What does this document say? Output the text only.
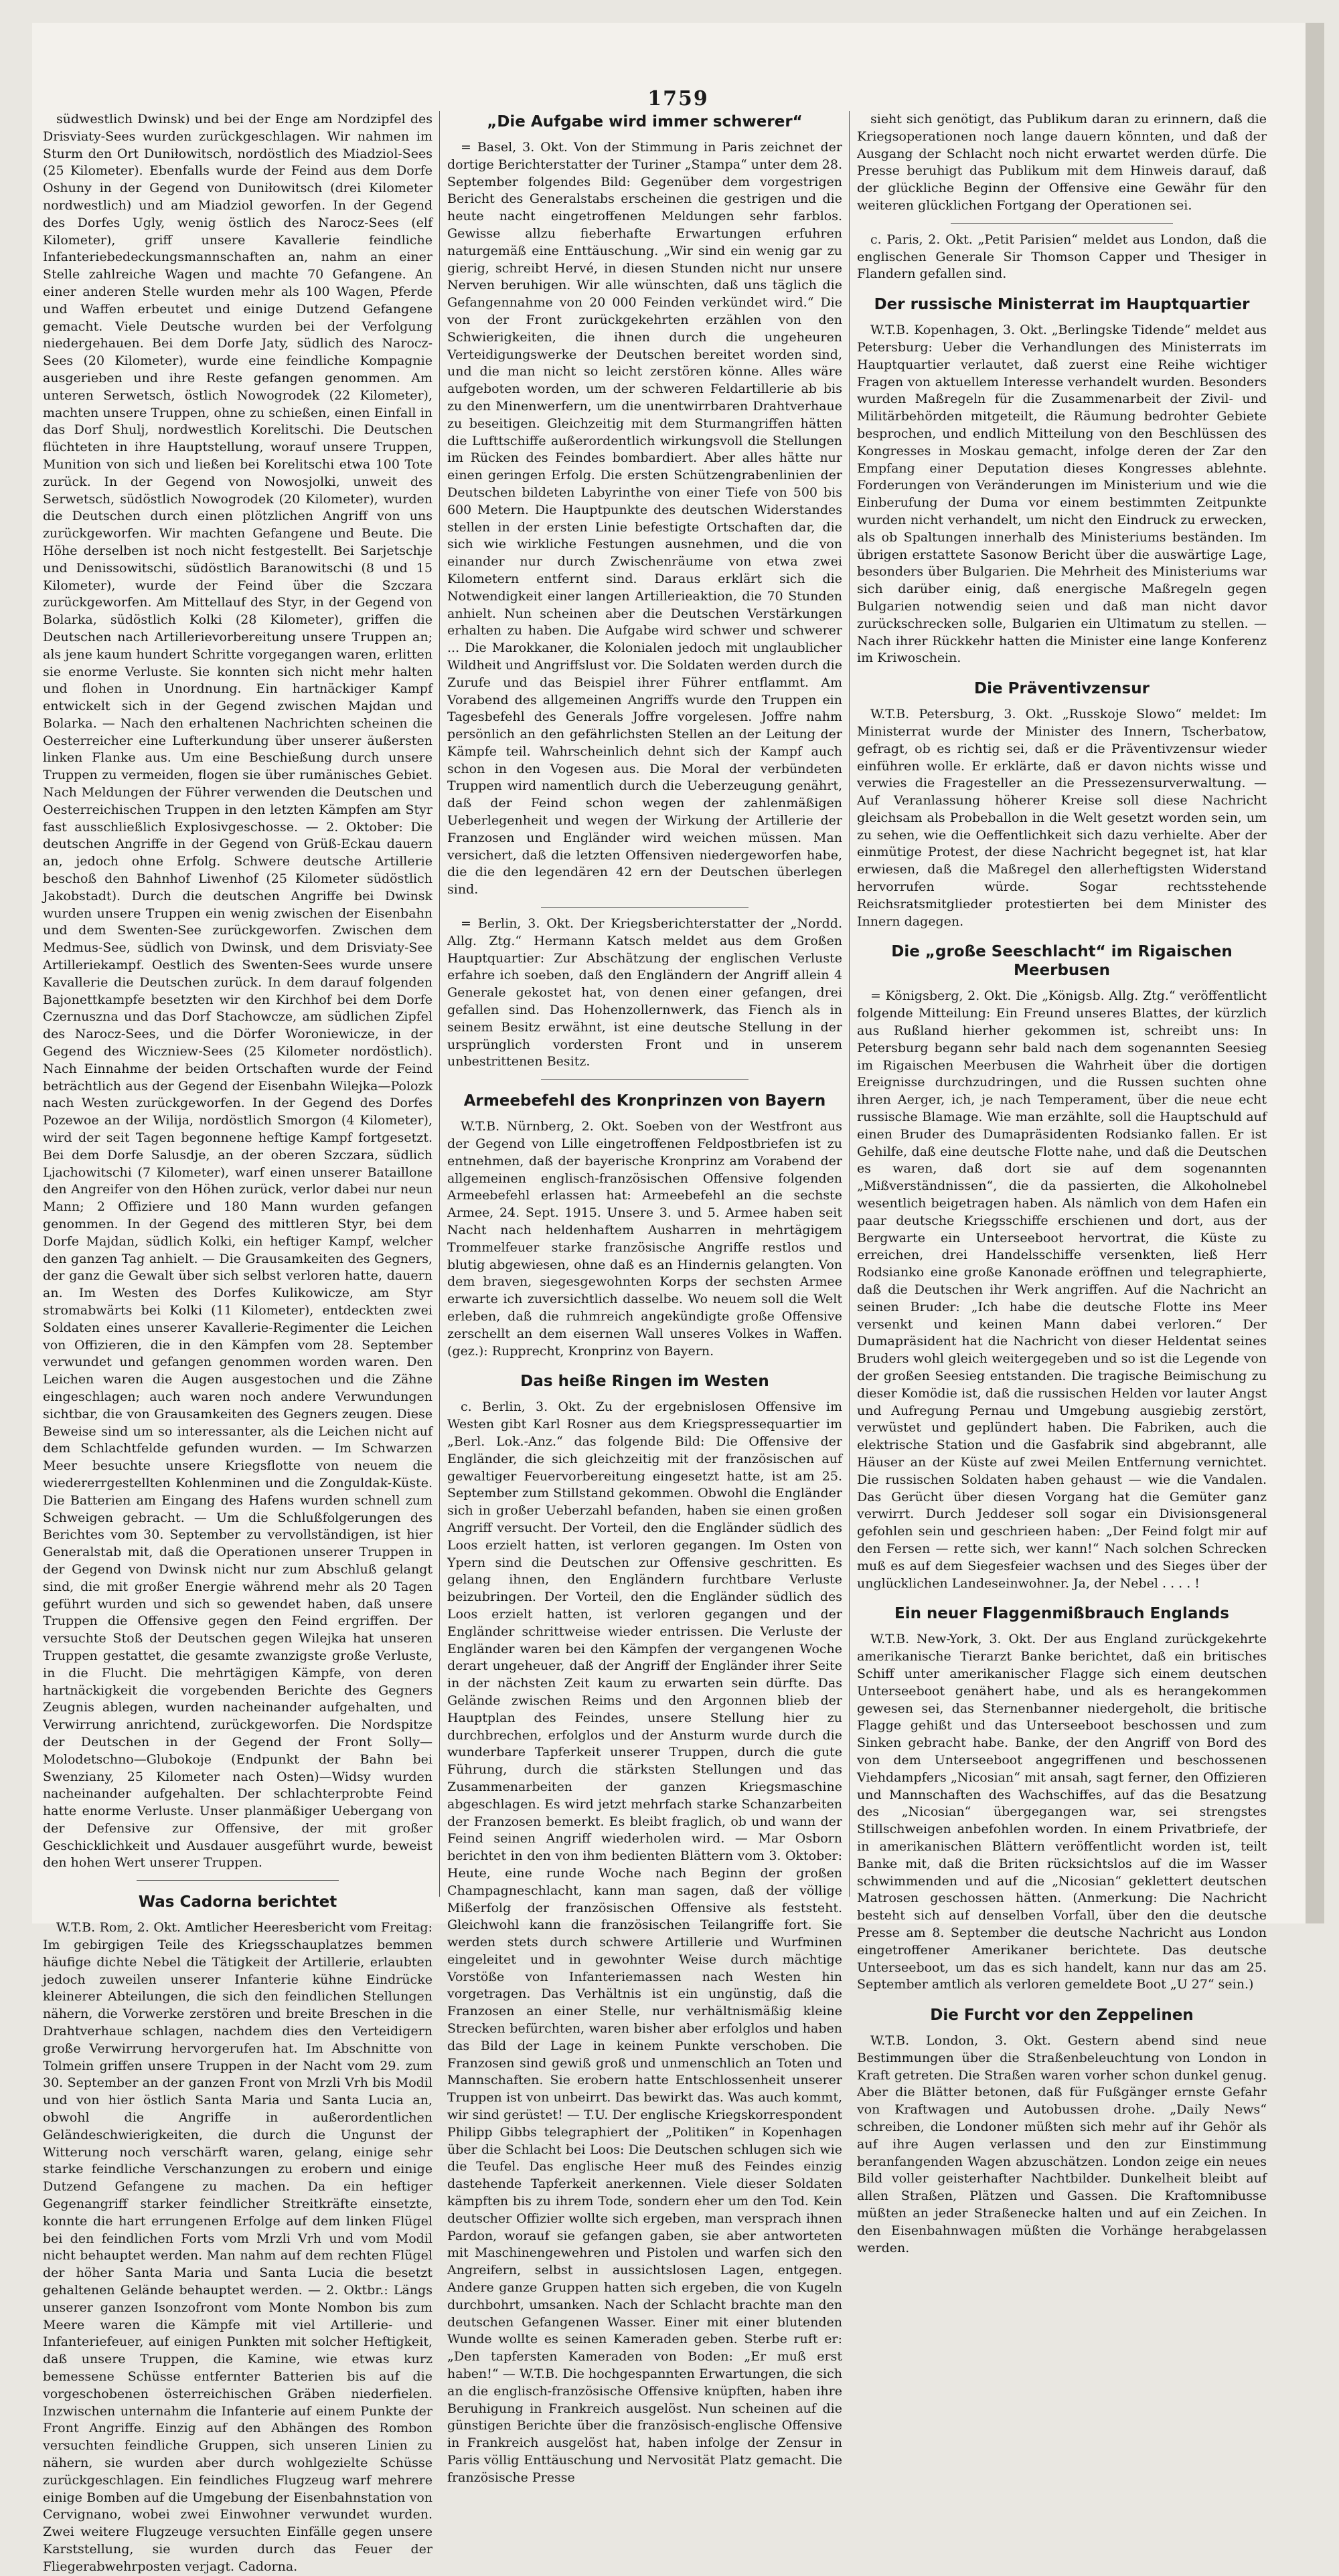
1759

südwestlich Dwinsk) und bei der Enge am Nordzipfel des Drisviaty-Sees wurden zurückgeschlagen. Wir nahmen im Sturm den Ort Duniłowitsch, nordöstlich des Miadziol-Sees (25 Kilometer). Ebenfalls wurde der Feind aus dem Dorfe Oshuny in der Gegend von Duniłowitsch (drei Kilometer nordwestlich) und am Miadziol geworfen. In der Gegend des Dorfes Ugly, wenig östlich des Narocz-Sees (elf Kilometer), griff unsere Kavallerie feindliche Infanteriebedeckungsmannschaften an, nahm an einer Stelle zahlreiche Wagen und machte 70 Gefangene. An einer anderen Stelle wurden mehr als 100 Wagen, Pferde und Waffen erbeutet und einige Dutzend Gefangene gemacht. Viele Deutsche wurden bei der Verfolgung niedergehauen. Bei dem Dorfe Jaty, südlich des Narocz-Sees (20 Kilometer), wurde eine feindliche Kompagnie ausgerieben und ihre Reste gefangen genommen. Am unteren Serwetsch, östlich Nowogrodek (22 Kilometer), machten unsere Truppen, ohne zu schießen, einen Einfall in das Dorf Shulj, nordwestlich Korelitschi. Die Deutschen flüchteten in ihre Hauptstellung, worauf unsere Truppen, Munition von sich und ließen bei Korelitschi etwa 100 Tote zurück. In der Gegend von Nowosjolki, unweit des Serwetsch, südöstlich Nowogrodek (20 Kilometer), wurden die Deutschen durch einen plötzlichen Angriff von uns zurückgeworfen. Wir machten Gefangene und Beute. Die Höhe derselben ist noch nicht festgestellt. Bei Sarjetschje und Denissowitschi, südöstlich Baranowitschi (8 und 15 Kilometer), wurde der Feind über die Szczara zurückgeworfen. Am Mittellauf des Styr, in der Gegend von Bolarka, südöstlich Kolki (28 Kilometer), griffen die Deutschen nach Artillerievorbereitung unsere Truppen an; als jene kaum hundert Schritte vorgegangen waren, erlitten sie enorme Verluste. Sie konnten sich nicht mehr halten und flohen in Unordnung. Ein hartnäckiger Kampf entwickelt sich in der Gegend zwischen Majdan und Bolarka. — Nach den erhaltenen Nachrichten scheinen die Oesterreicher eine Lufterkundung über unserer äußersten linken Flanke aus. Um eine Beschießung durch unsere Truppen zu vermeiden, flogen sie über rumänisches Gebiet. Nach Meldungen der Führer verwenden die Deutschen und Oesterreichischen Truppen in den letzten Kämpfen am Styr fast ausschließlich Explosivgeschosse. — 2. Oktober: Die deutschen Angriffe in der Gegend von Grüß-Eckau dauern an, jedoch ohne Erfolg. Schwere deutsche Artillerie beschoß den Bahnhof Liwenhof (25 Kilometer südöstlich Jakobstadt). Durch die deutschen Angriffe bei Dwinsk wurden unsere Truppen ein wenig zwischen der Eisenbahn und dem Swenten-See zurückgeworfen. Zwischen dem Medmus-See, südlich von Dwinsk, und dem Drisviaty-See Artilleriekampf. Oestlich des Swenten-Sees wurde unsere Kavallerie die Deutschen zurück. In dem darauf folgenden Bajonettkampfe besetzten wir den Kirchhof bei dem Dorfe Czernuszna und das Dorf Stachowcze, am südlichen Zipfel des Narocz-Sees, und die Dörfer Woroniewicze, in der Gegend des Wiczniew-Sees (25 Kilometer nordöstlich). Nach Einnahme der beiden Ortschaften wurde der Feind beträchtlich aus der Gegend der Eisenbahn Wilejka—Polozk nach Westen zurückgeworfen. In der Gegend des Dorfes Pozewoe an der Wilija, nordöstlich Smorgon (4 Kilometer), wird der seit Tagen begonnene heftige Kampf fortgesetzt. Bei dem Dorfe Salusdje, an der oberen Szczara, südlich Ljachowitschi (7 Kilometer), warf einen unserer Bataillone den Angreifer von den Höhen zurück, verlor dabei nur neun Mann; 2 Offiziere und 180 Mann wurden gefangen genommen. In der Gegend des mittleren Styr, bei dem Dorfe Majdan, südlich Kolki, ein heftiger Kampf, welcher den ganzen Tag anhielt. — Die Grausamkeiten des Gegners, der ganz die Gewalt über sich selbst verloren hatte, dauern an. Im Westen des Dorfes Kulikowicze, am Styr stromabwärts bei Kolki (11 Kilometer), entdeckten zwei Soldaten eines unserer Kavallerie-Regimenter die Leichen von Offizieren, die in den Kämpfen vom 28. September verwundet und gefangen genommen worden waren. Den Leichen waren die Augen ausgestochen und die Zähne eingeschlagen; auch waren noch andere Verwundungen sichtbar, die von Grausamkeiten des Gegners zeugen. Diese Beweise sind um so interessanter, als die Leichen nicht auf dem Schlachtfelde gefunden wurden. — Im Schwarzen Meer besuchte unsere Kriegsflotte von neuem die wiedererrgestellten Kohlenminen und die Zonguldak-Küste. Die Batterien am Eingang des Hafens wurden schnell zum Schweigen gebracht. — Um die Schlußfolgerungen des Berichtes vom 30. September zu vervollständigen, ist hier Generalstab mit, daß die Operationen unserer Truppen in der Gegend von Dwinsk nicht nur zum Abschluß gelangt sind, die mit großer Energie während mehr als 20 Tagen geführt wurden und sich so gewendet haben, daß unsere Truppen die Offensive gegen den Feind ergriffen. Der versuchte Stoß der Deutschen gegen Wilejka hat unseren Truppen gestattet, die gesamte zwanzigste große Verluste, in die Flucht. Die mehrtägigen Kämpfe, von deren hartnäckigkeit die vorgebenden Berichte des Gegners Zeugnis ablegen, wurden nacheinander aufgehalten, und Verwirrung anrichtend, zurückgeworfen. Die Nordspitze der Deutschen in der Gegend der Front Solly—Molodetschno—Glubokoje (Endpunkt der Bahn bei Swenziany, 25 Kilometer nach Osten)—Widsy wurden nacheinander aufgehalten. Der schlachterprobte Feind hatte enorme Verluste. Unser planmäßiger Uebergang von der Defensive zur Offensive, der mit großer Geschicklichkeit und Ausdauer ausgeführt wurde, beweist den hohen Wert unserer Truppen.

Was Cadorna berichtet

W.T.B. Rom, 2. Okt. Amtlicher Heeresbericht vom Freitag: Im gebirgigen Teile des Kriegsschauplatzes bemmen häufige dichte Nebel die Tätigkeit der Artillerie, erlaubten jedoch zuweilen unserer Infanterie kühne Eindrücke kleinerer Abteilungen, die sich den feindlichen Stellungen nähern, die Vorwerke zerstören und breite Breschen in die Drahtverhaue schlagen, nachdem dies den Verteidigern große Verwirrung hervorgerufen hat. Im Abschnitte von Tolmein griffen unsere Truppen in der Nacht vom 29. zum 30. September an der ganzen Front von Mrzli Vrh bis Modil und von hier östlich Santa Maria und Santa Lucia an, obwohl die Angriffe in außerordentlichen Geländeschwierigkeiten, die durch die Ungunst der Witterung noch verschärft waren, gelang, einige sehr starke feindliche Verschanzungen zu erobern und einige Dutzend Gefangene zu machen. Da ein heftiger Gegenangriff starker feindlicher Streitkräfte einsetzte, konnte die hart errungenen Erfolge auf dem linken Flügel bei den feindlichen Forts vom Mrzli Vrh und vom Modil nicht behauptet werden. Man nahm auf dem rechten Flügel der höher Santa Maria und Santa Lucia die besetzt gehaltenen Gelände behauptet werden. — 2. Oktbr.: Längs unserer ganzen Isonzofront vom Monte Nombon bis zum Meere waren die Kämpfe mit viel Artillerie- und Infanteriefeuer, auf einigen Punkten mit solcher Heftigkeit, daß unsere Truppen, die Kamine, wie etwas kurz bemessene Schüsse entfernter Batterien bis auf die vorgeschobenen österreichischen Gräben niederfielen. Inzwischen unternahm die Infanterie auf einem Punkte der Front Angriffe. Einzig auf den Abhängen des Rombon versuchten feindliche Gruppen, sich unseren Linien zu nähern, sie wurden aber durch wohlgezielte Schüsse zurückgeschlagen. Ein feindliches Flugzeug warf mehrere einige Bomben auf die Umgebung der Eisenbahnstation von Cervignano, wobei zwei Einwohner verwundet wurden. Zwei weitere Flugzeuge versuchten Einfälle gegen unsere Karststellung, sie wurden durch das Feuer der Fliegerabwehrposten verjagt. Cadorna.

„Die Aufgabe wird immer schwerer“

= Basel, 3. Okt. Von der Stimmung in Paris zeichnet der dortige Berichterstatter der Turiner „Stampa“ unter dem 28. September folgendes Bild: Gegenüber dem vorgestrigen Bericht des Generalstabs erscheinen die gestrigen und die heute nacht eingetroffenen Meldungen sehr farblos. Gewisse allzu fieberhafte Erwartungen erfuhren naturgemäß eine Enttäuschung. „Wir sind ein wenig gar zu gierig, schreibt Hervé, in diesen Stunden nicht nur unsere Nerven beruhigen. Wir alle wünschten, daß uns täglich die Gefangennahme von 20 000 Feinden verkündet wird.“ Die von der Front zurückgekehrten erzählen von den Schwierigkeiten, die ihnen durch die ungeheuren Verteidigungswerke der Deutschen bereitet worden sind, und die man nicht so leicht zerstören könne. Alles wäre aufgeboten worden, um der schweren Feldartillerie ab bis zu den Minenwerfern, um die unentwirrbaren Drahtverhaue zu beseitigen. Gleichzeitig mit dem Sturmangriffen hätten die Lufttschiffe außerordentlich wirkungsvoll die Stellungen im Rücken des Feindes bombardiert. Aber alles hätte nur einen geringen Erfolg. Die ersten Schützengrabenlinien der Deutschen bildeten Labyrinthe von einer Tiefe von 500 bis 600 Metern. Die Hauptpunkte des deutschen Widerstandes stellen in der ersten Linie befestigte Ortschaften dar, die sich wie wirkliche Festungen ausnehmen, und die von einander nur durch Zwischenräume von etwa zwei Kilometern entfernt sind. Daraus erklärt sich die Notwendigkeit einer langen Artillerieaktion, die 70 Stunden anhielt. Nun scheinen aber die Deutschen Verstärkungen erhalten zu haben. Die Aufgabe wird schwer und schwerer ... Die Marokkaner, die Kolonialen jedoch mit unglaublicher Wildheit und Angriffslust vor. Die Soldaten werden durch die Zurufe und das Beispiel ihrer Führer entflammt. Am Vorabend des allgemeinen Angriffs wurde den Truppen ein Tagesbefehl des Generals Joffre vorgelesen. Joffre nahm persönlich an den gefährlichsten Stellen an der Leitung der Kämpfe teil. Wahrscheinlich dehnt sich der Kampf auch schon in den Vogesen aus. Die Moral der verbündeten Truppen wird namentlich durch die Ueberzeugung genährt, daß der Feind schon wegen der zahlenmäßigen Ueberlegenheit und wegen der Wirkung der Artillerie der Franzosen und Engländer wird weichen müssen. Man versichert, daß die letzten Offensiven niedergeworfen habe, die die den legendären 42 ern der Deutschen überlegen sind.

= Berlin, 3. Okt. Der Kriegsberichterstatter der „Nordd. Allg. Ztg.“ Hermann Katsch meldet aus dem Großen Hauptquartier: Zur Abschätzung der englischen Verluste erfahre ich soeben, daß den Engländern der Angriff allein 4 Generale gekostet hat, von denen einer gefangen, drei gefallen sind. Das Hohenzollernwerk, das Fiench als in seinem Besitz erwähnt, ist eine deutsche Stellung in der ursprünglich vordersten Front und in unserem unbestrittenen Besitz.

Armeebefehl des Kronprinzen von Bayern

W.T.B. Nürnberg, 2. Okt. Soeben von der Westfront aus der Gegend von Lille eingetroffenen Feldpostbriefen ist zu entnehmen, daß der bayerische Kronprinz am Vorabend der allgemeinen englisch-französischen Offensive folgenden Armeebefehl erlassen hat: Armeebefehl an die sechste Armee, 24. Sept. 1915. Unsere 3. und 5. Armee haben seit Nacht nach heldenhaftem Ausharren in mehrtägigem Trommelfeuer starke französische Angriffe restlos und blutig abgewiesen, ohne daß es an Hindernis gelangten. Von dem braven, siegesgewohnten Korps der sechsten Armee erwarte ich zuversichtlich dasselbe. Wo neuem soll die Welt erleben, daß die ruhmreich angekündigte große Offensive zerschellt an dem eisernen Wall unseres Volkes in Waffen. (gez.): Rupprecht, Kronprinz von Bayern.

Das heiße Ringen im Westen

c. Berlin, 3. Okt. Zu der ergebnislosen Offensive im Westen gibt Karl Rosner aus dem Kriegspressequartier im „Berl. Lok.-Anz.“ das folgende Bild: Die Offensive der Engländer, die sich gleichzeitig mit der französischen auf gewaltiger Feuervorbereitung eingesetzt hatte, ist am 25. September zum Stillstand gekommen. Obwohl die Engländer sich in großer Ueberzahl befanden, haben sie einen großen Angriff versucht. Der Vorteil, den die Engländer südlich des Loos erzielt hatten, ist verloren gegangen. Im Osten von Ypern sind die Deutschen zur Offensive geschritten. Es gelang ihnen, den Engländern furchtbare Verluste beizubringen. Der Vorteil, den die Engländer südlich des Loos erzielt hatten, ist verloren gegangen und der Engländer schrittweise wieder entrissen. Die Verluste der Engländer waren bei den Kämpfen der vergangenen Woche derart ungeheuer, daß der Angriff der Engländer ihrer Seite in der nächsten Zeit kaum zu erwarten sein dürfte. Das Gelände zwischen Reims und den Argonnen blieb der Hauptplan des Feindes, unsere Stellung hier zu durchbrechen, erfolglos und der Ansturm wurde durch die wunderbare Tapferkeit unserer Truppen, durch die gute Führung, durch die stärksten Stellungen und das Zusammenarbeiten der ganzen Kriegsmaschine abgeschlagen. Es wird jetzt mehrfach starke Schanzarbeiten der Franzosen bemerkt. Es bleibt fraglich, ob und wann der Feind seinen Angriff wiederholen wird. — Mar Osborn berichtet in den von ihm bedienten Blättern vom 3. Oktober: Heute, eine runde Woche nach Beginn der großen Champagneschlacht, kann man sagen, daß der völlige Mißerfolg der französischen Offensive als feststeht. Gleichwohl kann die französischen Teilangriffe fort. Sie werden stets durch schwere Artillerie und Wurfminen eingeleitet und in gewohnter Weise durch mächtige Vorstöße von Infanteriemassen nach Westen hin vorgetragen. Das Verhältnis ist ein ungünstig, daß die Franzosen an einer Stelle, nur verhältnismäßig kleine Strecken befürchten, waren bisher aber erfolglos und haben das Bild der Lage in keinem Punkte verschoben. Die Franzosen sind gewiß groß und unmenschlich an Toten und Mannschaften. Sie erobern hatte Entschlossenheit unserer Truppen ist von unbeirrt. Das bewirkt das. Was auch kommt, wir sind gerüstet! — T.U. Der englische Kriegskorrespondent Philipp Gibbs telegraphiert der „Politiken“ in Kopenhagen über die Schlacht bei Loos: Die Deutschen schlugen sich wie die Teufel. Das englische Heer muß des Feindes einzig dastehende Tapferkeit anerkennen. Viele dieser Soldaten kämpften bis zu ihrem Tode, sondern eher um den Tod. Kein deutscher Offizier wollte sich ergeben, man versprach ihnen Pardon, worauf sie gefangen gaben, sie aber antworteten mit Maschinengewehren und Pistolen und warfen sich den Angreifern, selbst in aussichtslosen Lagen, entgegen. Andere ganze Gruppen hatten sich ergeben, die von Kugeln durchbohrt, umsanken. Nach der Schlacht brachte man den deutschen Gefangenen Wasser. Einer mit einer blutenden Wunde wollte es seinen Kameraden geben. Sterbe ruft er: „Den tapfersten Kameraden von Boden: „Er muß erst haben!“ — W.T.B. Die hochgespannten Erwartungen, die sich an die englisch-französische Offensive knüpften, haben ihre Beruhigung in Frankreich ausgelöst. Nun scheinen auf die günstigen Berichte über die französisch-englische Offensive in Frankreich ausgelöst hat, haben infolge der Zensur in Paris völlig Enttäuschung und Nervosität Platz gemacht. Die französische Presse

sieht sich genötigt, das Publikum daran zu erinnern, daß die Kriegsoperationen noch lange dauern könnten, und daß der Ausgang der Schlacht noch nicht erwartet werden dürfe. Die Presse beruhigt das Publikum mit dem Hinweis darauf, daß der glückliche Beginn der Offensive eine Gewähr für den weiteren glücklichen Fortgang der Operationen sei.

c. Paris, 2. Okt. „Petit Parisien“ meldet aus London, daß die englischen Generale Sir Thomson Capper und Thesiger in Flandern gefallen sind.

Der russische Ministerrat im Hauptquartier

W.T.B. Kopenhagen, 3. Okt. „Berlingske Tidende“ meldet aus Petersburg: Ueber die Verhandlungen des Ministerrats im Hauptquartier verlautet, daß zuerst eine Reihe wichtiger Fragen von aktuellem Interesse verhandelt wurden. Besonders wurden Maßregeln für die Zusammenarbeit der Zivil- und Militärbehörden mitgeteilt, die Räumung bedrohter Gebiete besprochen, und endlich Mitteilung von den Beschlüssen des Kongresses in Moskau gemacht, infolge deren der Zar den Empfang einer Deputation dieses Kongresses ablehnte. Forderungen von Veränderungen im Ministerium und wie die Einberufung der Duma vor einem bestimmten Zeitpunkte wurden nicht verhandelt, um nicht den Eindruck zu erwecken, als ob Spaltungen innerhalb des Ministeriums beständen. Im übrigen erstattete Sasonow Bericht über die auswärtige Lage, besonders über Bulgarien. Die Mehrheit des Ministeriums war sich darüber einig, daß energische Maßregeln gegen Bulgarien notwendig seien und daß man nicht davor zurückschrecken solle, Bulgarien ein Ultimatum zu stellen. — Nach ihrer Rückkehr hatten die Minister eine lange Konferenz im Kriwoschein.

Die Präventivzensur

W.T.B. Petersburg, 3. Okt. „Russkoje Slowo“ meldet: Im Ministerrat wurde der Minister des Innern, Tscherbatow, gefragt, ob es richtig sei, daß er die Präventivzensur wieder einführen wolle. Er erklärte, daß er davon nichts wisse und verwies die Fragesteller an die Pressezensurverwaltung. — Auf Veranlassung höherer Kreise soll diese Nachricht gleichsam als Probeballon in die Welt gesetzt worden sein, um zu sehen, wie die Oeffentlichkeit sich dazu verhielte. Aber der einmütige Protest, der diese Nachricht begegnet ist, hat klar erwiesen, daß die Maßregel den allerheftigsten Widerstand hervorrufen würde. Sogar rechtsstehende Reichsratsmitglieder protestierten bei dem Minister des Innern dagegen.

Die „große Seeschlacht“ im Rigaischen Meerbusen

= Königsberg, 2. Okt. Die „Königsb. Allg. Ztg.“ veröffentlicht folgende Mitteilung: Ein Freund unseres Blattes, der kürzlich aus Rußland hierher gekommen ist, schreibt uns: In Petersburg begann sehr bald nach dem sogenannten Seesieg im Rigaischen Meerbusen die Wahrheit über die dortigen Ereignisse durchzudringen, und die Russen suchten ohne ihren Aerger, ich, je nach Temperament, über die neue echt russische Blamage. Wie man erzählte, soll die Hauptschuld auf einen Bruder des Dumapräsidenten Rodsianko fallen. Er ist Gehilfe, daß eine deutsche Flotte nahe, und daß die Deutschen es waren, daß dort sie auf dem sogenannten „Mißverständnissen“, die da passierten, die Alkoholnebel wesentlich beigetragen haben. Als nämlich von dem Hafen ein paar deutsche Kriegsschiffe erschienen und dort, aus der Bergwarte ein Unterseeboot hervortrat, die Küste zu erreichen, drei Handelsschiffe versenkten, ließ Herr Rodsianko eine große Kanonade eröffnen und telegraphierte, daß die Deutschen ihr Werk angriffen. Auf die Nachricht an seinen Bruder: „Ich habe die deutsche Flotte ins Meer versenkt und keinen Mann dabei verloren.“ Der Dumapräsident hat die Nachricht von dieser Heldentat seines Bruders wohl gleich weitergegeben und so ist die Legende von der großen Seesieg entstanden. Die tragische Beimischung zu dieser Komödie ist, daß die russischen Helden vor lauter Angst und Aufregung Pernau und Umgebung ausgiebig zerstört, verwüstet und geplündert haben. Die Fabriken, auch die elektrische Station und die Gasfabrik sind abgebrannt, alle Häuser an der Küste auf zwei Meilen Entfernung vernichtet. Die russischen Soldaten haben gehaust — wie die Vandalen. Das Gerücht über diesen Vorgang hat die Gemüter ganz verwirrt. Durch Jeddeser soll sogar ein Divisionsgeneral gefohlen sein und geschrieen haben: „Der Feind folgt mir auf den Fersen — rette sich, wer kann!“ Nach solchen Schrecken muß es auf dem Siegesfeier wachsen und des Sieges über der unglücklichen Landeseinwohner. Ja, der Nebel . . . . !

Ein neuer Flaggenmißbrauch Englands

W.T.B. New-York, 3. Okt. Der aus England zurückgekehrte amerikanische Tierarzt Banke berichtet, daß ein britisches Schiff unter amerikanischer Flagge sich einem deutschen Unterseeboot genähert habe, und als es herangekommen gewesen sei, das Sternenbanner niedergeholt, die britische Flagge gehißt und das Unterseeboot beschossen und zum Sinken gebracht habe. Banke, der den Angriff von Bord des von dem Unterseeboot angegriffenen und beschossenen Viehdampfers „Nicosian“ mit ansah, sagt ferner, den Offizieren und Mannschaften des Wachschiffes, auf das die Besatzung des „Nicosian“ übergegangen war, sei strengstes Stillschweigen anbefohlen worden. In einem Privatbriefe, der in amerikanischen Blättern veröffentlicht worden ist, teilt Banke mit, daß die Briten rücksichtslos auf die im Wasser schwimmenden und auf die „Nicosian“ geklettert deutschen Matrosen geschossen hätten. (Anmerkung: Die Nachricht besteht sich auf denselben Vorfall, über den die deutsche Presse am 8. September die deutsche Nachricht aus London eingetroffener Amerikaner berichtete. Das deutsche Unterseeboot, um das es sich handelt, kann nur das am 25. September amtlich als verloren gemeldete Boot „U 27“ sein.)

Die Furcht vor den Zeppelinen

W.T.B. London, 3. Okt. Gestern abend sind neue Bestimmungen über die Straßenbeleuchtung von London in Kraft getreten. Die Straßen waren vorher schon dunkel genug. Aber die Blätter betonen, daß für Fußgänger ernste Gefahr von Kraftwagen und Autobussen drohe. „Daily News“ schreiben, die Londoner müßten sich mehr auf ihr Gehör als auf ihre Augen verlassen und den zur Einstimmung beranfangenden Wagen abzuschätzen. London zeige ein neues Bild voller geisterhafter Nachtbilder. Dunkelheit bleibt auf allen Straßen, Plätzen und Gassen. Die Kraftomnibusse müßten an jeder Straßenecke halten und auf ein Zeichen. In den Eisenbahnwagen müßten die Vorhänge herabgelassen werden.
